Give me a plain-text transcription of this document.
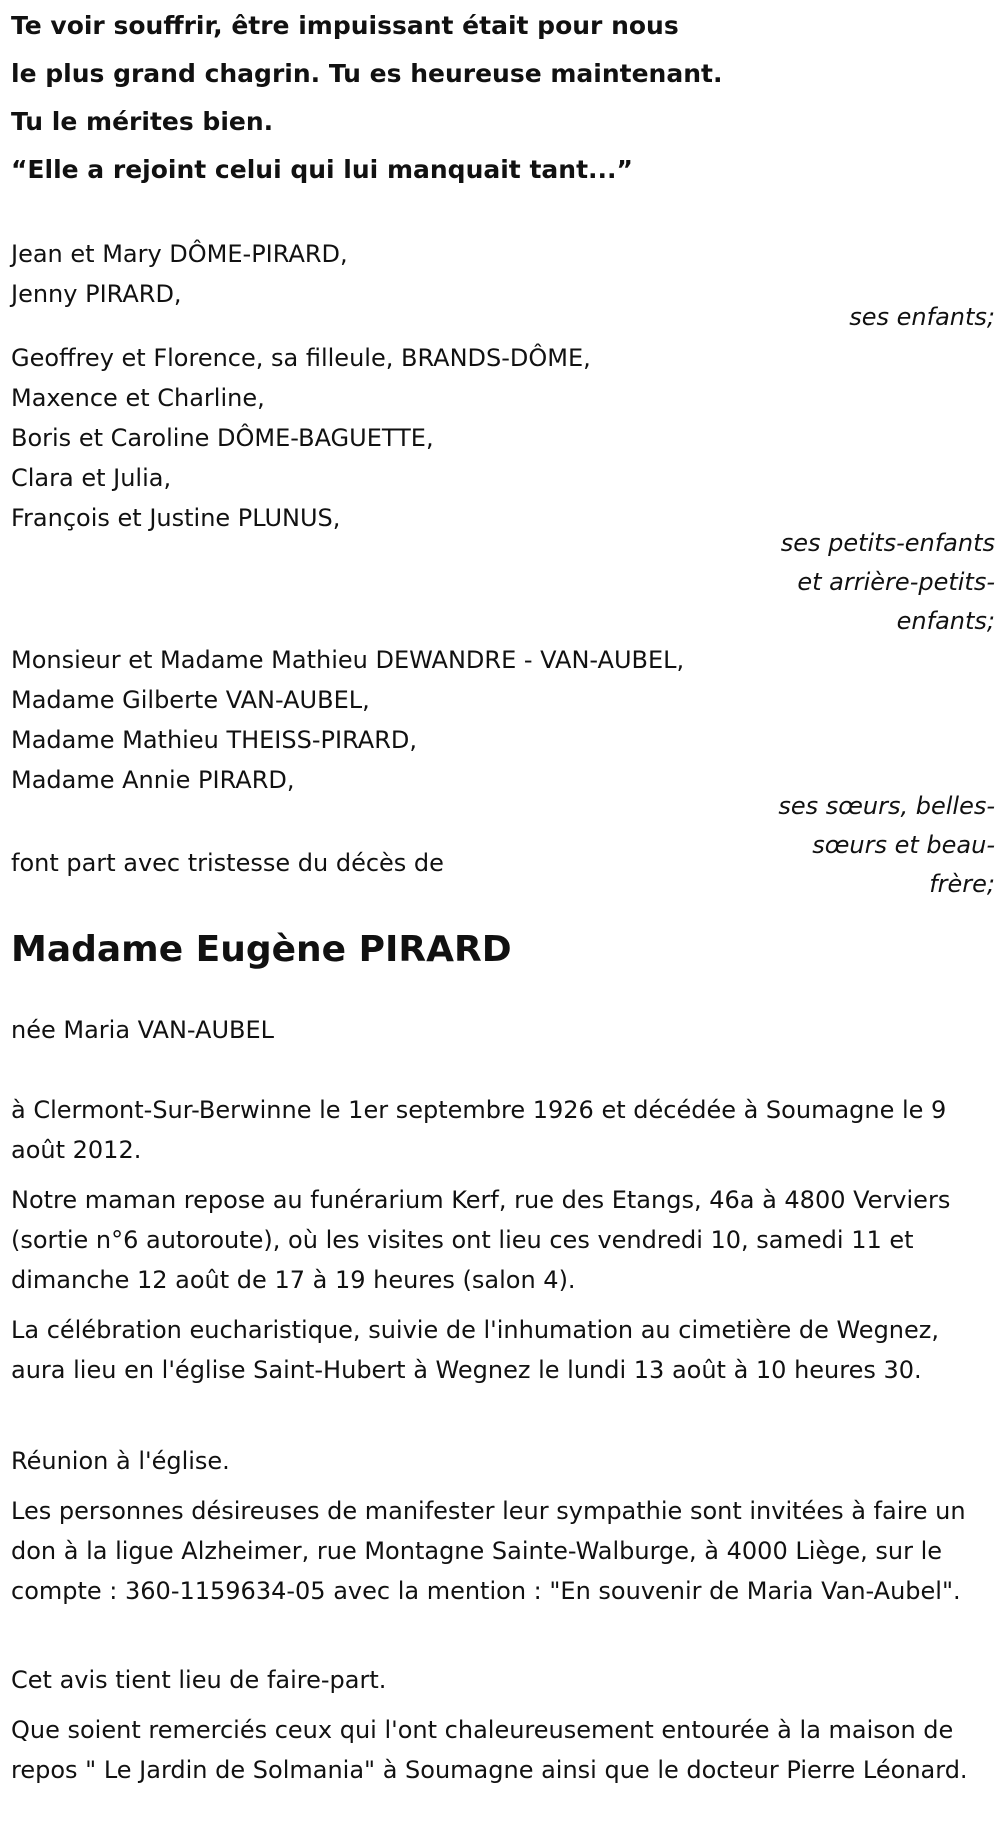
Te voir souffrir, être impuissant était pour nous

le plus grand chagrin. Tu es heureuse maintenant.

Tu le mérites bien.

“Elle a rejoint celui qui lui manquait tant...”

Jean et Mary DÔME-PIRARD,

Jenny PIRARD,

ses enfants;

Geoffrey et Florence, sa filleule, BRANDS-DÔME,

Maxence et Charline,

Boris et Caroline DÔME-BAGUETTE,

Clara et Julia,

François et Justine PLUNUS,

ses petits-enfants et arrière-petits-enfants;

Monsieur et Madame Mathieu DEWANDRE - VAN-AUBEL,

Madame Gilberte VAN-AUBEL,

Madame Mathieu THEISS-PIRARD,

Madame Annie PIRARD,

ses sœurs, belles-sœurs et beau-frère;

font part avec tristesse du décès de

Madame Eugène PIRARD

née Maria VAN-AUBEL

à Clermont-Sur-Berwinne le 1er septembre 1926 et décédée à Soumagne le 9 août 2012.

Notre maman repose au funérarium Kerf, rue des Etangs, 46a à 4800 Verviers (sortie n°6 autoroute), où les visites ont lieu ces vendredi 10, samedi 11 et dimanche 12 août de 17 à 19 heures (salon 4).

La célébration eucharistique, suivie de l'inhumation au cimetière de Wegnez, aura lieu en l'église Saint-Hubert à Wegnez le lundi 13 août à 10 heures 30.

Réunion à l'église.

Les personnes désireuses de manifester leur sympathie sont invitées à faire un don à la ligue Alzheimer, rue Montagne Sainte-Walburge, à 4000 Liège, sur le compte : 360-1159634-05 avec la mention : "En souvenir de Maria Van-Aubel".

Cet avis tient lieu de faire-part.

Que soient remerciés ceux qui l'ont chaleureusement entourée à la maison de repos " Le Jardin de Solmania" à Soumagne ainsi que le docteur Pierre Léonard.
